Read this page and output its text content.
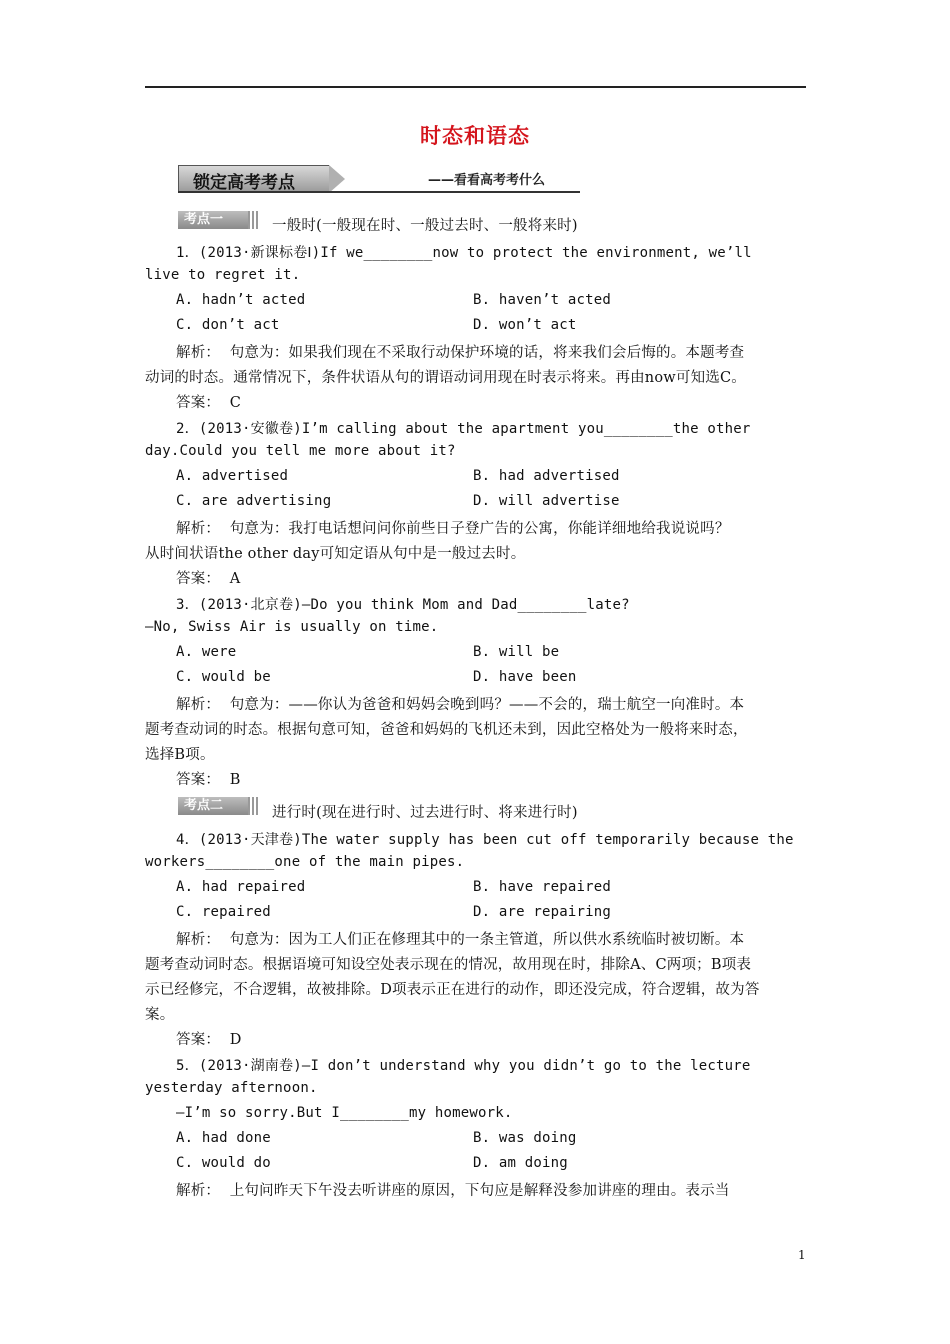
时态和语态
锁定高考考点	——看看高考考什么
考点一	一般时(一般现在时、一般过去时、一般将来时)
1．(2013·新课标卷Ⅰ)If we________now to protect the environment, we’ll
live to regret it.
A. hadn’t acted	B. haven’t acted
C. don’t act	D. won’t act
解析：  句意为：如果我们现在不采取行动保护环境的话，将来我们会后悔的。本题考查
动词的时态。通常情况下，条件状语从句的谓语动词用现在时表示将来。再由now可知选C。
答案：  C
2．(2013·安徽卷)I’m calling about the apartment you________the other
day.Could you tell me more about it?
A. advertised	B. had advertised
C. are advertising	D. will advertise
解析：  句意为：我打电话想问问你前些日子登广告的公寓，你能详细地给我说说吗？
从时间状语the other day可知定语从句中是一般过去时。
答案：  A
3．(2013·北京卷)—Do you think Mom and Dad________late?
—No, Swiss Air is usually on time.
A. were	B. will be
C. would be	D. have been
解析：  句意为：——你认为爸爸和妈妈会晚到吗？——不会的，瑞士航空一向准时。本
题考查动词的时态。根据句意可知，爸爸和妈妈的飞机还未到，因此空格处为一般将来时态，
选择B项。
答案：  B
考点二	进行时(现在进行时、过去进行时、将来进行时)
4．(2013·天津卷)The water supply has been cut off temporarily because the
workers________one of the main pipes.
A. had repaired	B. have repaired
C. repaired	D. are repairing
解析：  句意为：因为工人们正在修理其中的一条主管道，所以供水系统临时被切断。本
题考查动词时态。根据语境可知设空处表示现在的情况，故用现在时，排除A、C两项；B项表
示已经修完，不合逻辑，故被排除。D项表示正在进行的动作，即还没完成，符合逻辑，故为答
案。
答案：  D
5．(2013·湖南卷)—I don’t understand why you didn’t go to the lecture
yesterday afternoon.
—I’m so sorry.But I________my homework.
A. had done	B. was doing
C. would do	D. am doing
解析：  上句问昨天下午没去听讲座的原因，下句应是解释没参加讲座的理由。表示当
1
